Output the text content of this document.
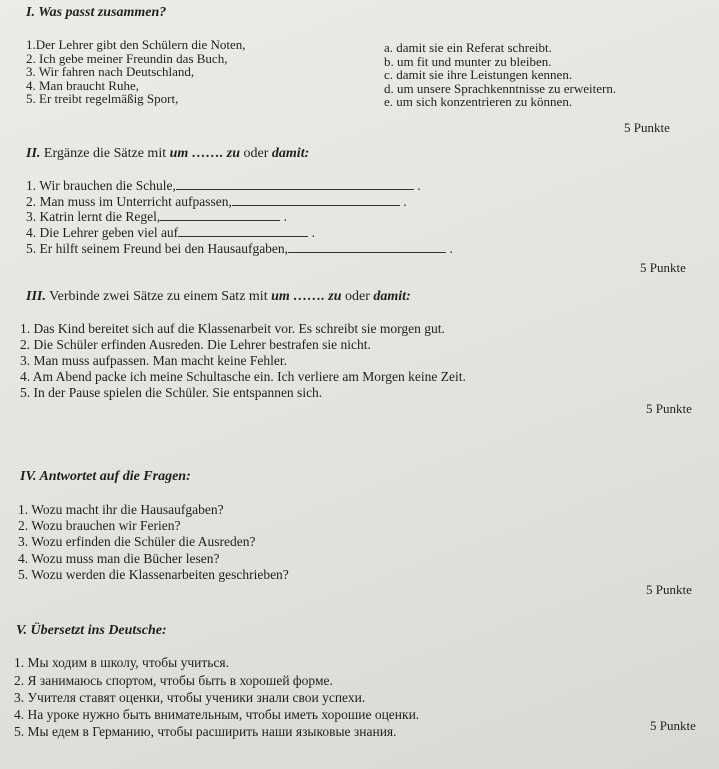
I. Was passt zusammen?
1.Der Lehrer gibt den Schülern die Noten,
2. Ich gebe meiner Freundin das Buch,
3. Wir fahren nach Deutschland,
4. Man braucht Ruhe,
5. Er treibt regelmäßig Sport,
a. damit sie ein Referat schreibt.
b. um fit und munter zu bleiben.
c. damit sie ihre Leistungen kennen.
d. um unsere Sprachkenntnisse zu erweitern.
e. um sich konzentrieren zu können.
5 Punkte
II. Ergänze die Sätze mit um ……. zu oder damit:
1. Wir brauchen die Schule,	.
2. Man muss im Unterricht aufpassen,	.
3. Katrin lernt die Regel,	.
4. Die Lehrer geben viel auf	.
5. Er hilft seinem Freund bei den Hausaufgaben,	.
5 Punkte
III. Verbinde zwei Sätze zu einem Satz mit um ……. zu oder damit:
1. Das Kind bereitet sich auf die Klassenarbeit vor. Es schreibt sie morgen gut.
2. Die Schüler erfinden Ausreden. Die Lehrer bestrafen sie nicht.
3. Man muss aufpassen. Man macht keine Fehler.
4. Am Abend packe ich meine Schultasche ein. Ich verliere am Morgen keine Zeit.
5. In der Pause spielen die Schüler. Sie entspannen sich.
5 Punkte
IV. Antwortet auf die Fragen:
1. Wozu macht ihr die Hausaufgaben?
2. Wozu brauchen wir Ferien?
3. Wozu erfinden die Schüler die Ausreden?
4. Wozu muss man die Bücher lesen?
5. Wozu werden die Klassenarbeiten geschrieben?
5 Punkte
V. Übersetzt ins Deutsche:
1. Мы ходим в школу, чтобы учиться.
2. Я занимаюсь спортом, чтобы быть в хорошей форме.
3. Учителя ставят оценки, чтобы ученики знали свои успехи.
4. На уроке нужно быть внимательным, чтобы иметь хорошие оценки.
5. Мы едем в Германию, чтобы расширить наши языковые знания.	5 Punkte
